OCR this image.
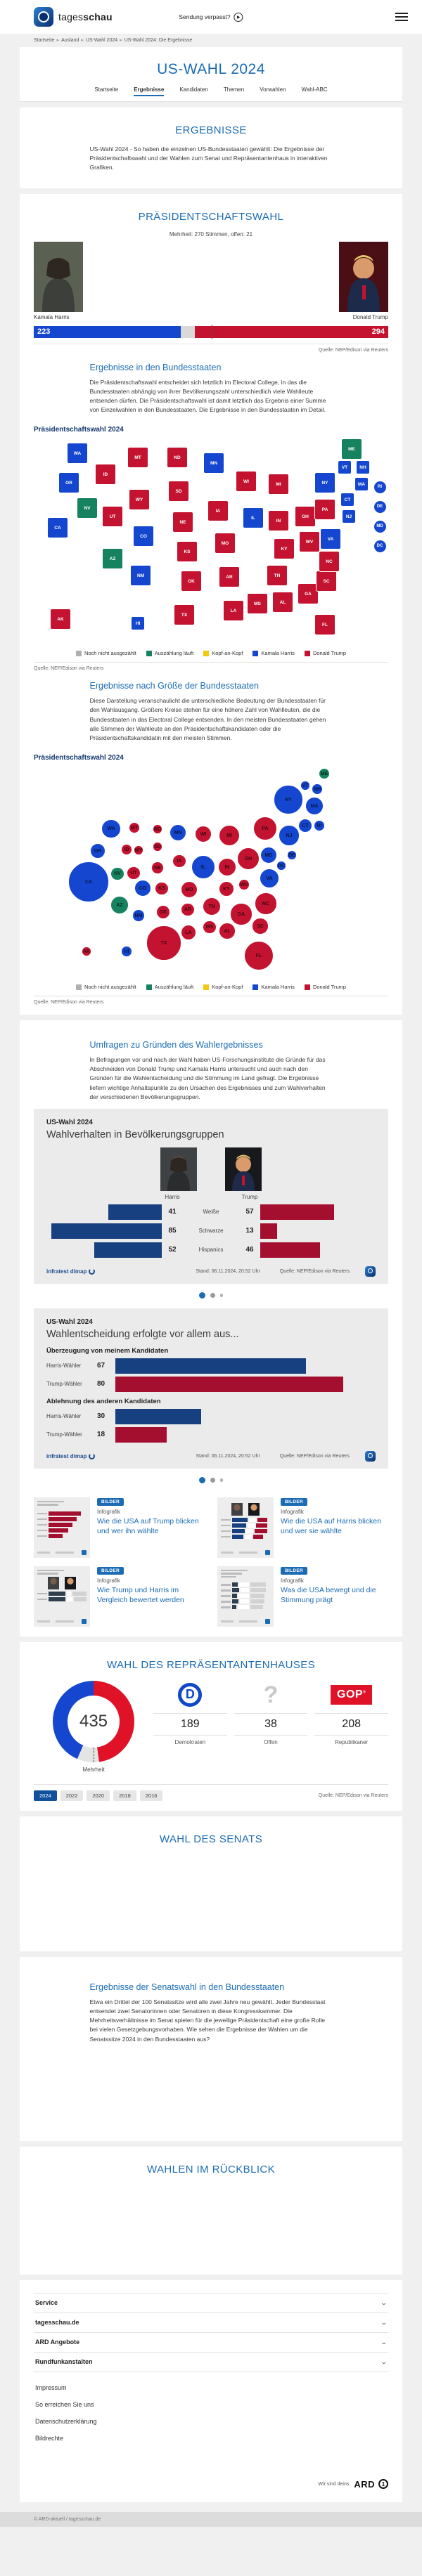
tagesschau	Sendung verpasst?	▶
Startseite ▸ Ausland ▸ US-Wahl 2024 ▸ US-Wahl 2024: Die Ergebnisse
US-WAHL 2024
Startseite	Ergebnisse	Kandidaten	Themen	Vorwahlen	Wahl-ABC
ERGEBNISSE

US-Wahl 2024 - So haben die einzelnen US-Bundesstaaten gewählt: Die Ergebnisse der Präsidentschaftswahl und der Wahlen zum Senat und Repräsentantenhaus in interaktiven Grafiken.

PRÄSIDENTSCHAFTSWAHL
Mehrheit: 270 Stimmen, offen: 21
Kamala Harris	Donald Trump
223	294
Quelle: NEP/Edison via Reuters
Ergebnisse in den Bundesstaaten

Die Präsidentschaftswahl entscheidet sich letztlich im Electoral College, in das die Bundesstaaten abhängig von ihrer Bevölkerungszahl unterschiedlich viele Wahlleute entsenden dürfen. Die Präsidentschaftswahl ist damit letztlich das Ergebnis einer Summe von Einzelwahlen in den Bundesstaaten. Die Ergebnisse in den Bundesstaaten im Detail.

Präsidentschaftswahl 2024
AK
HI
WA
OR
CA
NV
ID
UT
AZ
MT
WY
CO
NM
ND
SD
NE
KS
OK
TX
MN
IA
MO
AR
LA
WI
IL
MS
MI
IN
KY
TN
AL
OH
WV
GA
FL
SC
NC
VA
PA
NY
ME
VT	NH
MA
CT
NJ
RI
DE
MD
DC
Noch nicht ausgezählt	Auszählung läuft	Kopf-an-Kopf	Kamala Harris	Donald Trump
Quelle: NEP/Edison via Reuters
Ergebnisse nach Größe der Bundesstaaten

Diese Darstellung veranschaulicht die unterschiedliche Bedeutung der Bundesstaaten für den Wahlausgang. Größere Kreise stehen für eine höhere Zahl von Wahlleuten, die die Bundesstaaten in das Electoral College entsenden. In den meisten Bundesstaaten gehen alle Stimmen der Wahlleute an den Präsidentschaftskandidaten oder die Präsidentschaftskandidatin mit den meisten Stimmen.

Präsidentschaftswahl 2024
AK	HI
WA
OR
CA
NV
ID
UT
AZ
MT
WY
CO
NM
ND
SD
NE
KS
OK
TX
MN
IA
MO
AR
LA
WI
IL
MS
MI
IN
KY
TN
AL
OH
WV
GA
FL
SC
NC
VA
PA
NY
ME
VT
NH
MA
CT
NJ
RI
DE
MD
DC
Noch nicht ausgezählt	Auszählung läuft	Kopf-an-Kopf	Kamala Harris	Donald Trump
Quelle: NEP/Edison via Reuters
Umfragen zu Gründen des Wahlergebnisses

In Befragungen vor und nach der Wahl haben US-Forschungsinstitute die Gründe für das Abschneiden von Donald Trump und Kamala Harris untersucht und auch nach den Gründen für die Wahlentscheidung und die Stimmung im Land gefragt. Die Ergebnisse liefern wichtige Anhaltspunkte zu den Ursachen des Ergebnisses und zum Wahlverhalten der verschiedenen Bevölkerungsgruppen.

US-Wahl 2024
Wahlverhalten in Bevölkerungsgruppen
Harris	Trump
41	Weiße	57
85	Schwarze	13
52	Hispanics	46
infratest dimap	Stand: 06.11.2024, 20:52 Uhr	Quelle: NEP/Edison via Reuters
US-Wahl 2024
Wahlentscheidung erfolgte vor allem aus...
Überzeugung von meinem Kandidaten
Harris-Wähler	67
Trump-Wähler	80
Ablehnung des anderen Kandidaten
Harris-Wähler	30
Trump-Wähler	18
infratest dimap	Stand: 06.11.2024, 20:52 Uhr	Quelle: NEP/Edison via Reuters
BILDER
Infografik
Wie die USA auf Trump blicken und wer ihn wählte
BILDER
Infografik
Wie die USA auf Harris blicken und wer sie wählte
BILDER
Infografik
Wie Trump und Harris im Vergleich bewertet werden
BILDER
Infografik
Was die USA bewegt und die Stimmung prägt
WAHL DES REPRÄSENTANTENHAUSES
435
Mehrheit
D
189
Demokraten
?
38
Offen
GOP®
208
Republikaner
2024	2022	2020	2018	2016	Quelle: NEP/Edison via Reuters
WAHL DES SENATS
Ergebnisse der Senatswahl in den Bundesstaaten

Etwa ein Drittel der 100 Senatssitze wird alle zwei Jahre neu gewählt. Jeder Bundesstaat entsendet zwei Senatorinnen oder Senatoren in diese Kongresskammer. Die Mehrheitsverhältnisse im Senat spielen für die jeweilige Präsidentschaft eine große Rolle bei vielen Gesetzgebungsvorhaben. Wie sehen die Ergebnisse der Wahlen um die Senatssitze 2024 in den Bundesstaaten aus?

WAHLEN IM RÜCKBLICK
Service	⌄
tagesschau.de	⌄
ARD Angebote	⌄
Rundfunkanstalten	⌄
Impressum
So erreichen Sie uns
Datenschutzerklärung
Bildrechte
Wir sind deins. ARD	1
© ARD-aktuell / tagesschau.de
